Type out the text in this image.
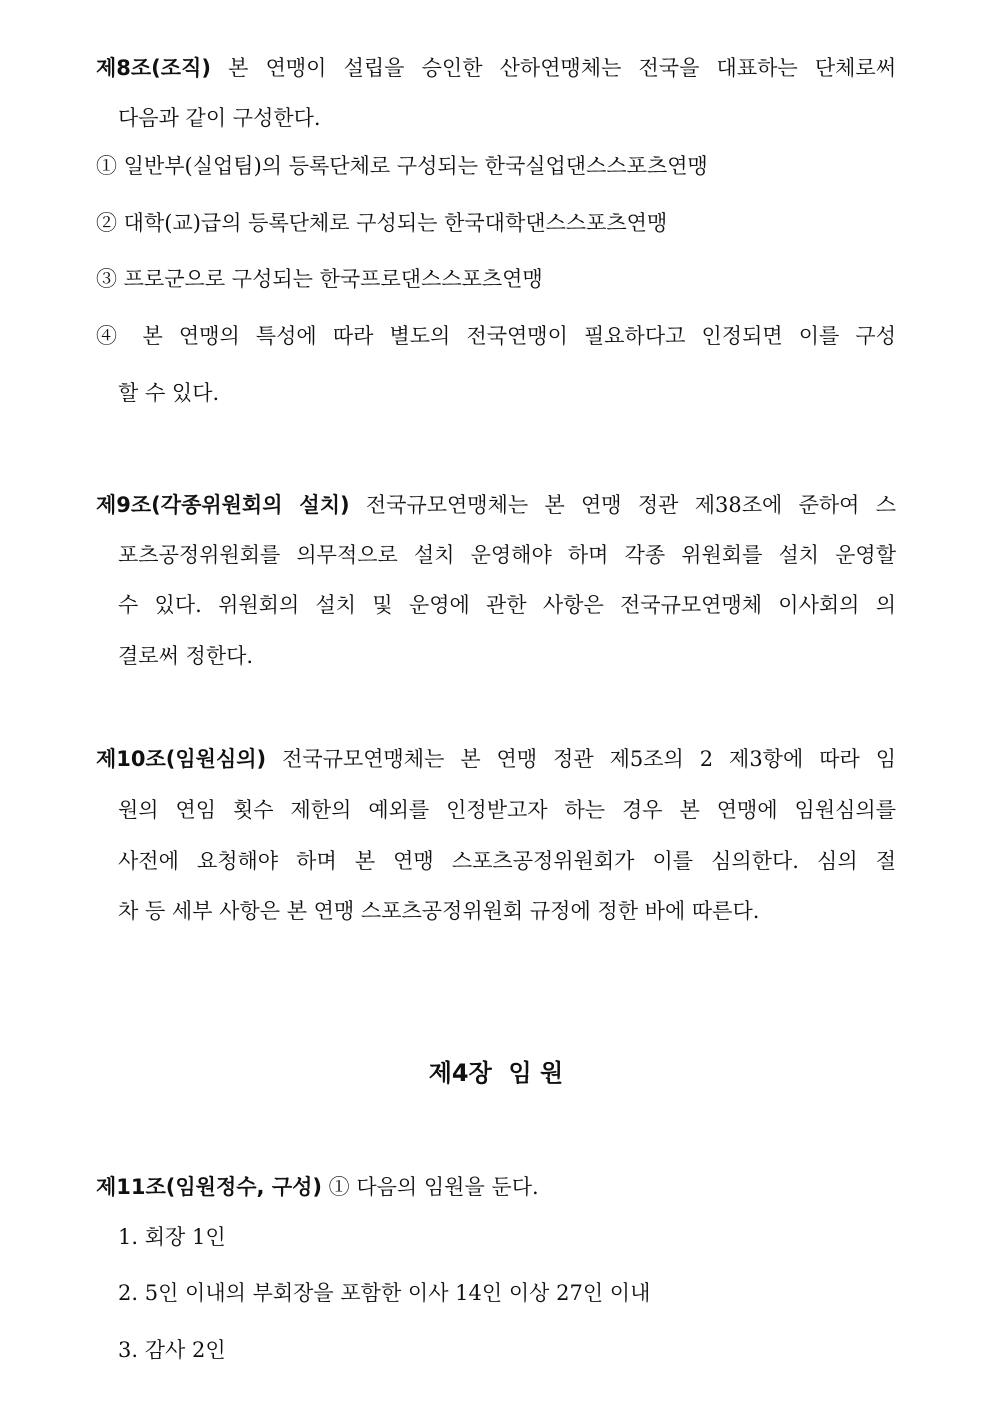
제8조(조직) 본 연맹이 설립을 승인한 산하연맹체는 전국을 대표하는 단체로써
다음과 같이 구성한다.
① 일반부(실업팀)의 등록단체로 구성되는 한국실업댄스스포츠연맹
② 대학(교)급의 등록단체로 구성되는 한국대학댄스스포츠연맹
③ 프로군으로 구성되는 한국프로댄스스포츠연맹
④ 본 연맹의 특성에 따라 별도의 전국연맹이 필요하다고 인정되면 이를 구성
할 수 있다.
제9조(각종위원회의 설치) 전국규모연맹체는 본 연맹 정관 제38조에 준하여 스
포츠공정위원회를 의무적으로 설치 운영해야 하며 각종 위원회를 설치 운영할
수 있다. 위원회의 설치 및 운영에 관한 사항은 전국규모연맹체 이사회의 의
결로써 정한다.
제10조(임원심의) 전국규모연맹체는 본 연맹 정관 제5조의 2 제3항에 따라 임
원의 연임 횟수 제한의 예외를 인정받고자 하는 경우 본 연맹에 임원심의를
사전에 요청해야 하며 본 연맹 스포츠공정위원회가 이를 심의한다. 심의 절
차 등 세부 사항은 본 연맹 스포츠공정위원회 규정에 정한 바에 따른다.
제4장  임 원
제11조(임원정수, 구성) ① 다음의 임원을 둔다.
1. 회장 1인
2. 5인 이내의 부회장을 포함한 이사 14인 이상 27인 이내
3. 감사 2인
